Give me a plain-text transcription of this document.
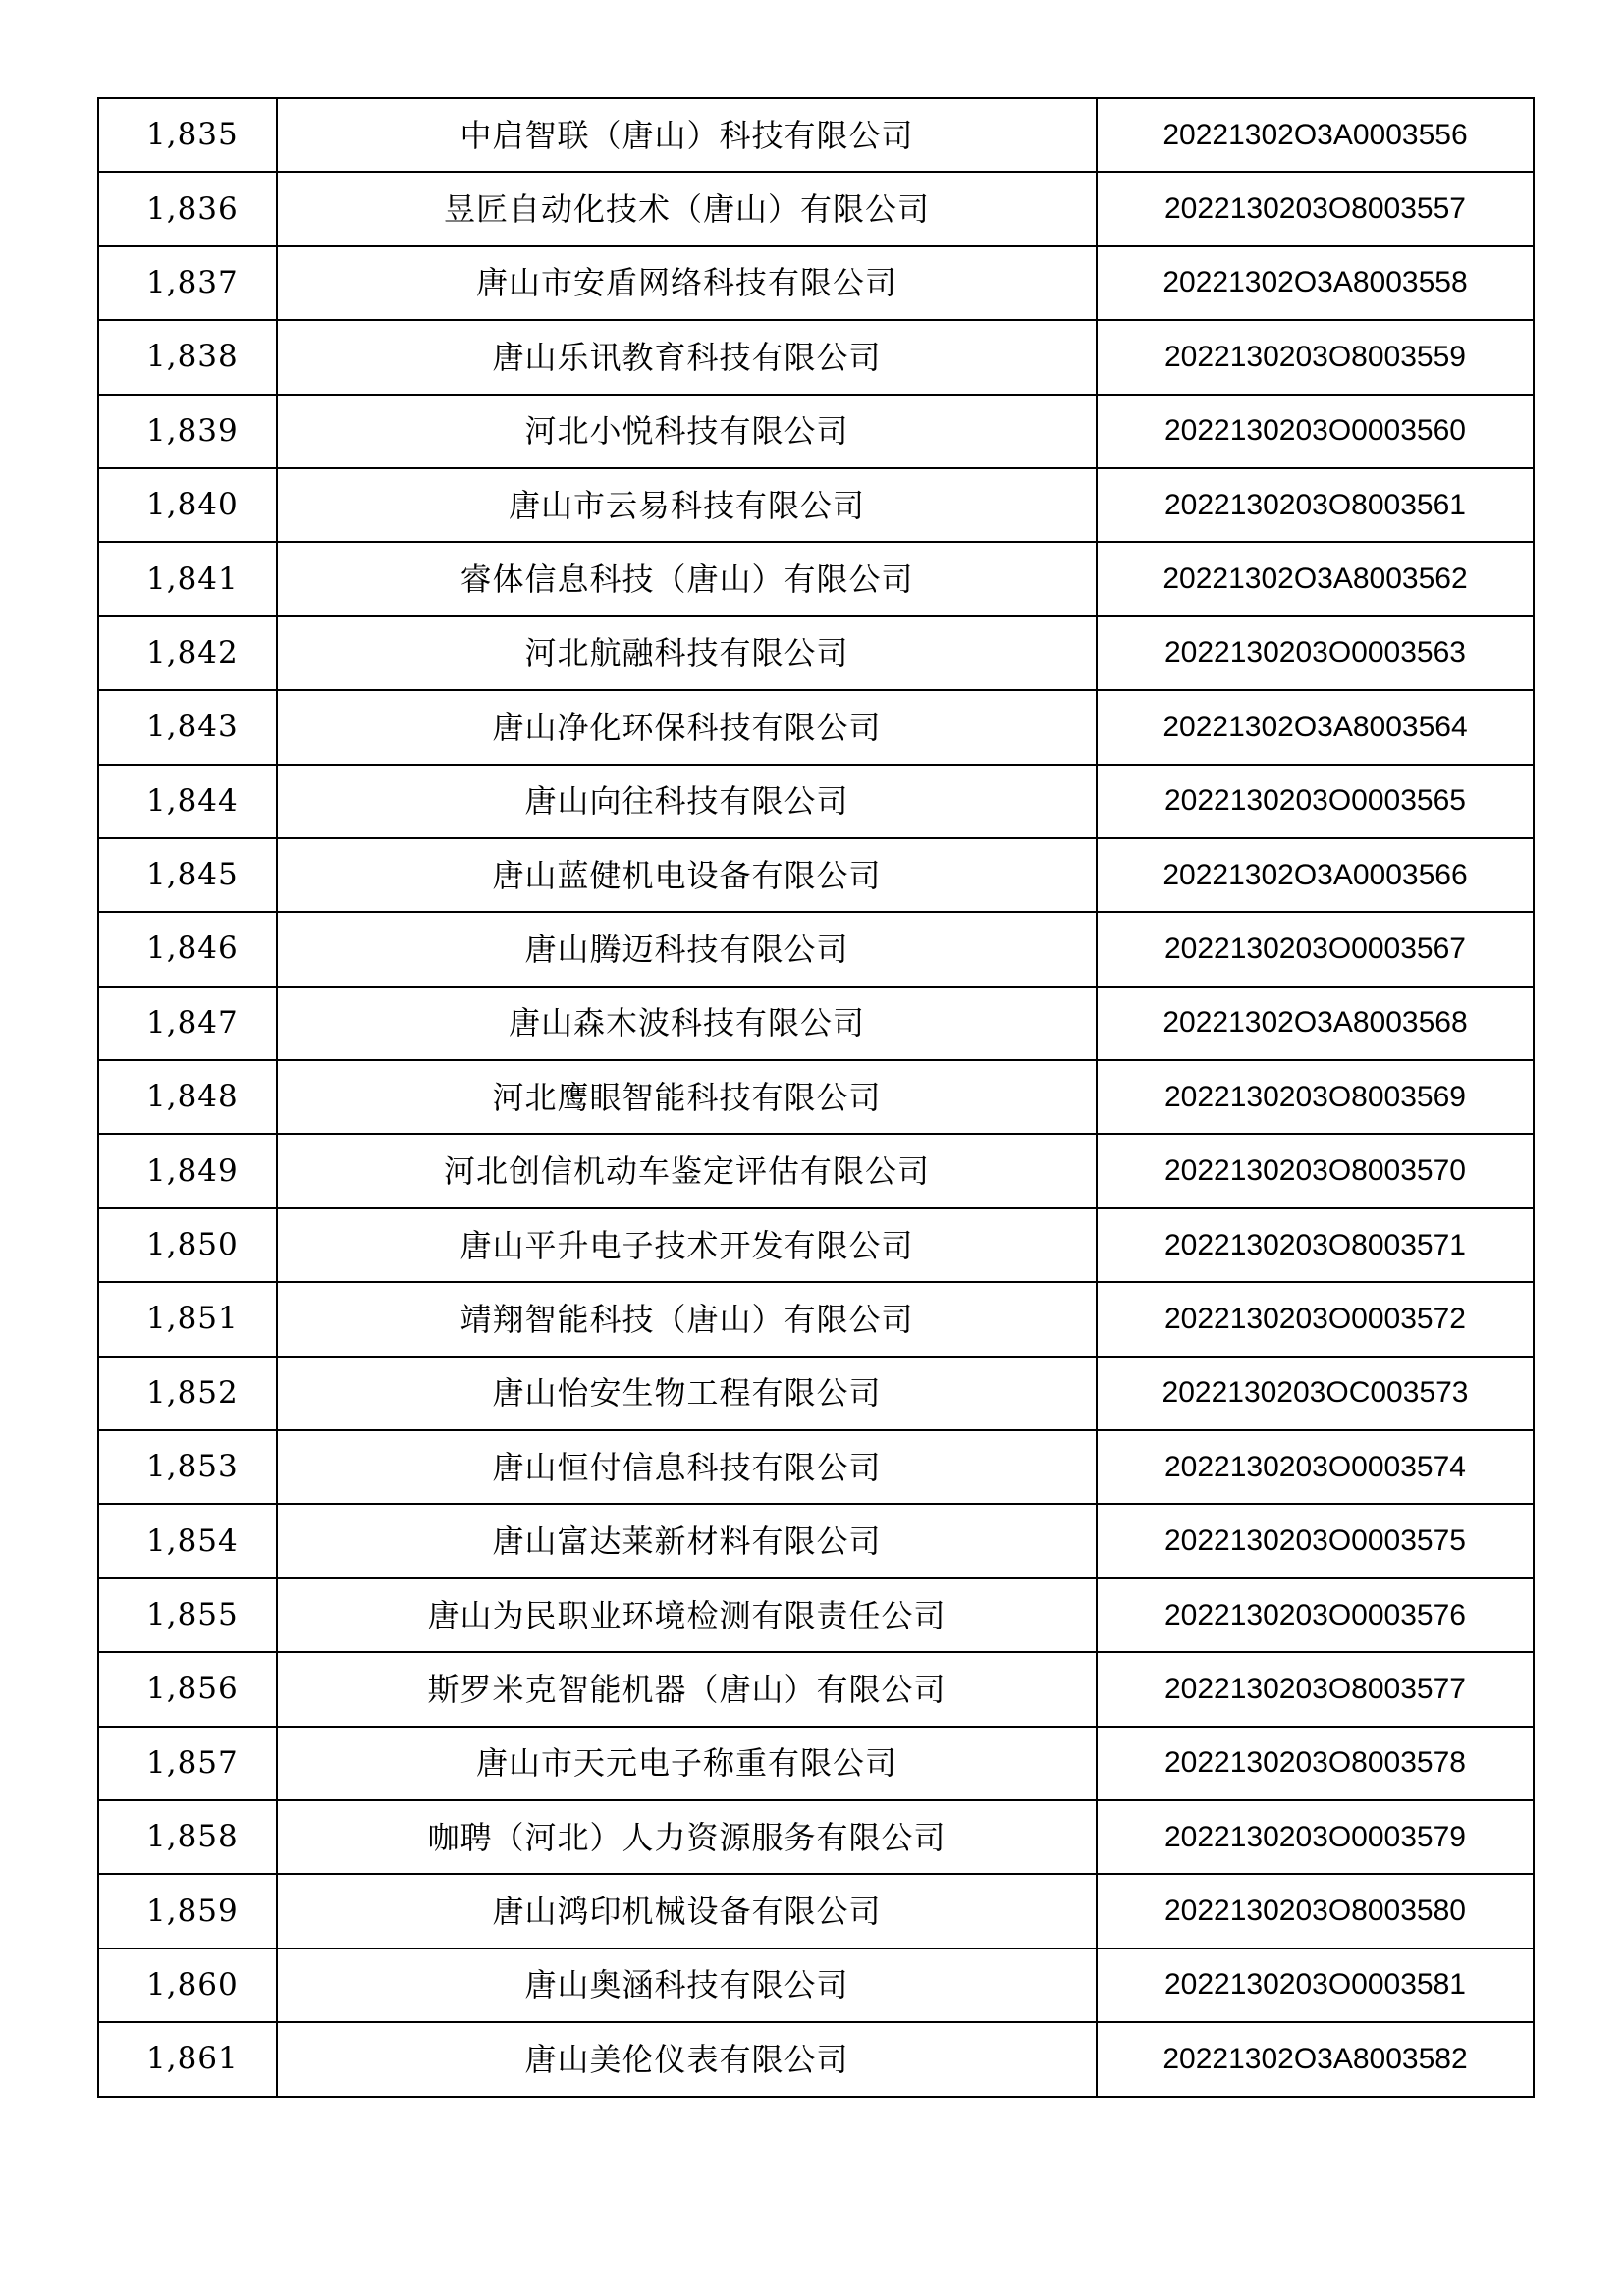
1,835	中启智联（唐山）科技有限公司	20221302O3A0003556
1,836	昱匠自动化技术（唐山）有限公司	2022130203O8003557
1,837	唐山市安盾网络科技有限公司	20221302O3A8003558
1,838	唐山乐讯教育科技有限公司	2022130203O8003559
1,839	河北小悦科技有限公司	2022130203O0003560
1,840	唐山市云易科技有限公司	2022130203O8003561
1,841	睿体信息科技（唐山）有限公司	20221302O3A8003562
1,842	河北航融科技有限公司	2022130203O0003563
1,843	唐山净化环保科技有限公司	20221302O3A8003564
1,844	唐山向往科技有限公司	2022130203O0003565
1,845	唐山蓝健机电设备有限公司	20221302O3A0003566
1,846	唐山腾迈科技有限公司	2022130203O0003567
1,847	唐山森木波科技有限公司	20221302O3A8003568
1,848	河北鹰眼智能科技有限公司	2022130203O8003569
1,849	河北创信机动车鉴定评估有限公司	2022130203O8003570
1,850	唐山平升电子技术开发有限公司	2022130203O8003571
1,851	靖翔智能科技（唐山）有限公司	2022130203O0003572
1,852	唐山怡安生物工程有限公司	2022130203OC003573
1,853	唐山恒付信息科技有限公司	2022130203O0003574
1,854	唐山富达莱新材料有限公司	2022130203O0003575
1,855	唐山为民职业环境检测有限责任公司	2022130203O0003576
1,856	斯罗米克智能机器（唐山）有限公司	2022130203O8003577
1,857	唐山市天元电子称重有限公司	2022130203O8003578
1,858	咖聘（河北）人力资源服务有限公司	2022130203O0003579
1,859	唐山鸿印机械设备有限公司	2022130203O8003580
1,860	唐山奥涵科技有限公司	2022130203O0003581
1,861	唐山美伦仪表有限公司	20221302O3A8003582
